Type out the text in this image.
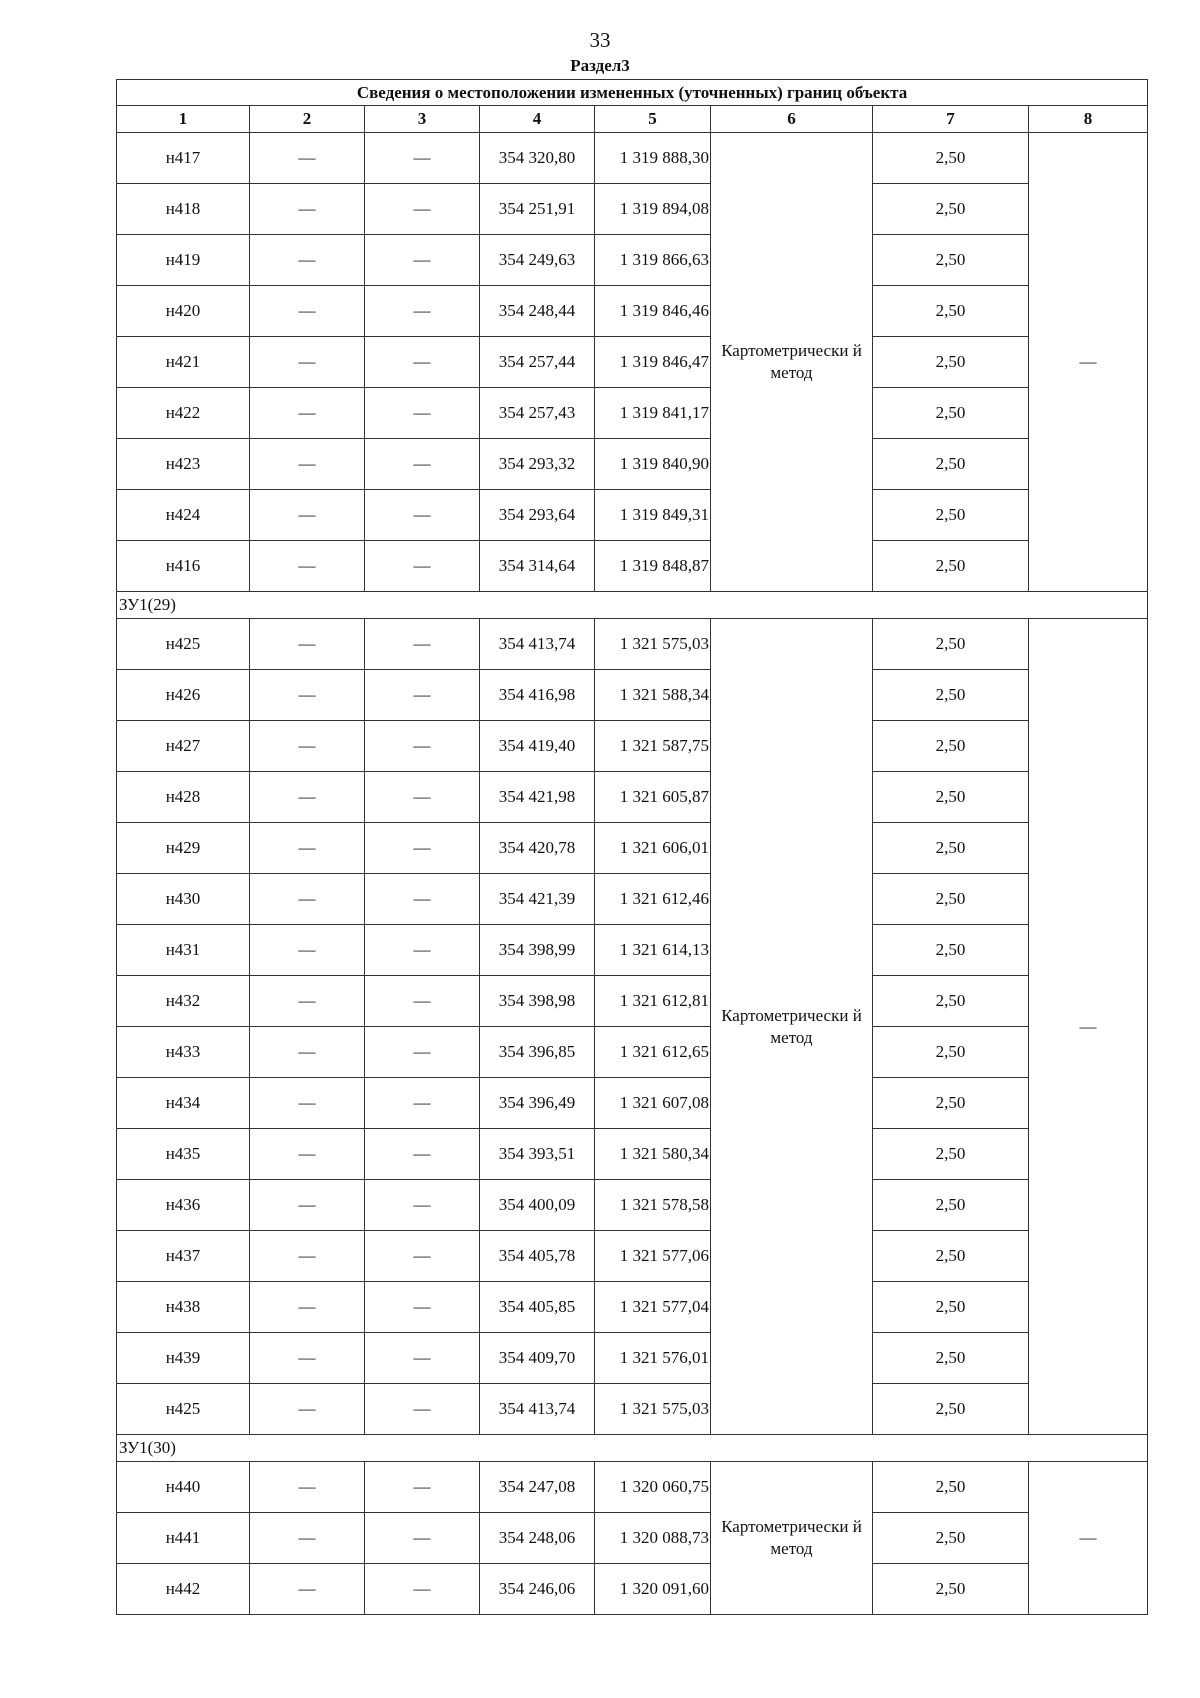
33
Раздел3
Сведения о местоположении измененных (уточненных) границ объекта							
1	2	3	4	5	6	7	8
н417	—	—	354 320,80	1 319 888,30	Картометрически й метод	2,50	—
н418	—	—	354 251,91	1 319 894,08		2,50	
н419	—	—	354 249,63	1 319 866,63		2,50	
н420	—	—	354 248,44	1 319 846,46		2,50	
н421	—	—	354 257,44	1 319 846,47		2,50	
н422	—	—	354 257,43	1 319 841,17		2,50	
н423	—	—	354 293,32	1 319 840,90		2,50	
н424	—	—	354 293,64	1 319 849,31		2,50	
н416	—	—	354 314,64	1 319 848,87		2,50	
ЗУ1(29)							
н425	—	—	354 413,74	1 321 575,03	Картометрически й метод	2,50	—
н426	—	—	354 416,98	1 321 588,34		2,50	
н427	—	—	354 419,40	1 321 587,75		2,50	
н428	—	—	354 421,98	1 321 605,87		2,50	
н429	—	—	354 420,78	1 321 606,01		2,50	
н430	—	—	354 421,39	1 321 612,46		2,50	
н431	—	—	354 398,99	1 321 614,13		2,50	
н432	—	—	354 398,98	1 321 612,81		2,50	
н433	—	—	354 396,85	1 321 612,65		2,50	
н434	—	—	354 396,49	1 321 607,08		2,50	
н435	—	—	354 393,51	1 321 580,34		2,50	
н436	—	—	354 400,09	1 321 578,58		2,50	
н437	—	—	354 405,78	1 321 577,06		2,50	
н438	—	—	354 405,85	1 321 577,04		2,50	
н439	—	—	354 409,70	1 321 576,01		2,50	
н425	—	—	354 413,74	1 321 575,03		2,50	
ЗУ1(30)							
н440	—	—	354 247,08	1 320 060,75	Картометрически й метод	2,50	—
н441	—	—	354 248,06	1 320 088,73		2,50	
н442	—	—	354 246,06	1 320 091,60		2,50	
